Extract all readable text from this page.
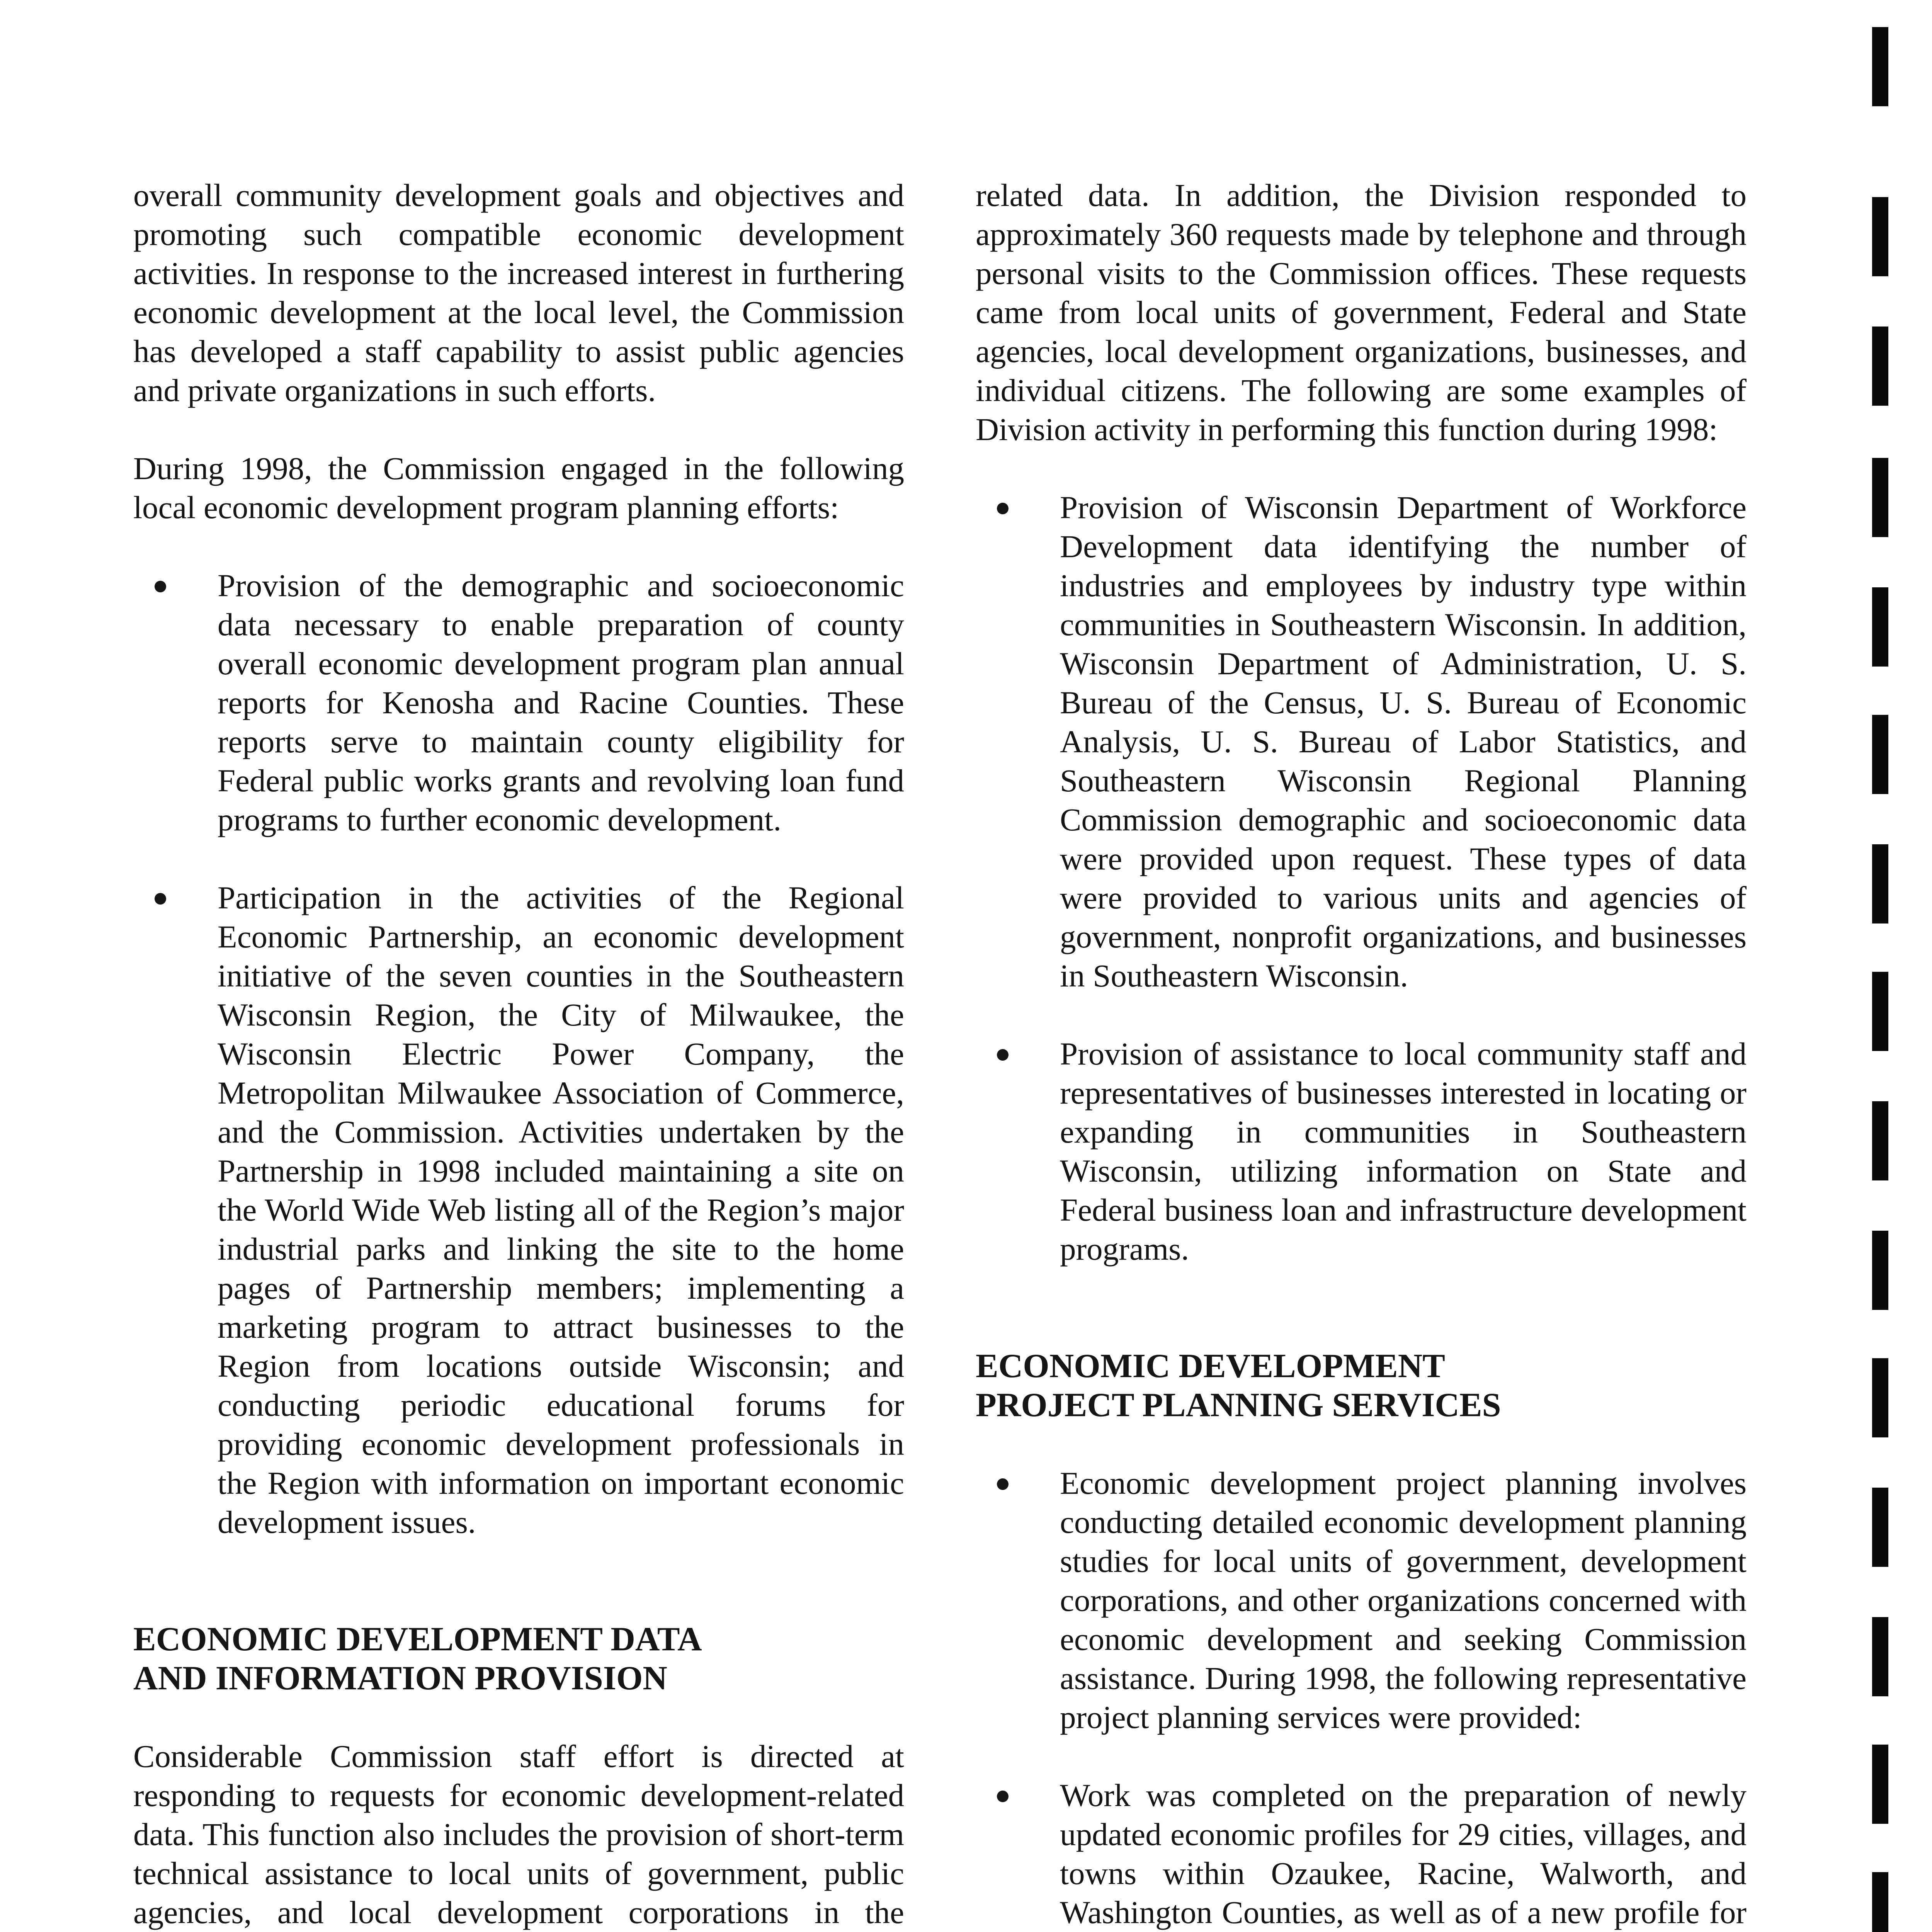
overall community development goals and objectives and promoting such compatible economic development activities. In response to the increased interest in furthering economic development at the local level, the Commission has developed a staff capability to assist public agencies and private organizations in such efforts.

During 1998, the Commission engaged in the following local economic development program planning efforts:

Provision of the demographic and socioeconomic data necessary to enable preparation of county overall economic development program plan annual reports for Kenosha and Racine Counties. These reports serve to maintain county eligibility for Federal public works grants and revolving loan fund programs to further economic development.
Participation in the activities of the Regional Economic Partnership, an economic development initiative of the seven counties in the Southeastern Wisconsin Region, the City of Milwaukee, the Wisconsin Electric Power Company, the Metropolitan Milwaukee Association of Commerce, and the Commission. Activities undertaken by the Partnership in 1998 included maintaining a site on the World Wide Web listing all of the Region’s major industrial parks and linking the site to the home pages of Partnership members; implementing a marketing program to attract businesses to the Region from locations outside Wisconsin; and conducting periodic educational forums for providing economic development professionals in the Region with information on important economic development issues.
ECONOMIC DEVELOPMENT DATA
AND INFORMATION PROVISION

Considerable Commission staff effort is directed at responding to requests for economic development-related data. This function also includes the provision of short-term technical assistance to local units of government, public agencies, and local development corporations in the

related data. In addition, the Division responded to approximately 360 requests made by telephone and through personal visits to the Commission offices. These requests came from local units of government, Federal and State agencies, local development organizations, businesses, and individual citizens. The following are some examples of Division activity in performing this function during 1998:

Provision of Wisconsin Department of Workforce Development data identifying the number of industries and employees by industry type within communities in Southeastern Wisconsin. In addition, Wisconsin Department of Administration, U. S. Bureau of the Census, U. S. Bureau of Economic Analysis, U. S. Bureau of Labor Statistics, and Southeastern Wisconsin Regional Planning Commission demographic and socioeconomic data were provided upon request. These types of data were provided to various units and agencies of government, nonprofit organizations, and businesses in Southeastern Wisconsin.
Provision of assistance to local community staff and representatives of businesses interested in locating or expanding in communities in Southeastern Wisconsin, utilizing information on State and Federal business loan and infrastructure development programs.
ECONOMIC DEVELOPMENT
PROJECT PLANNING SERVICES
Economic development project planning involves conducting detailed economic development planning studies for local units of government, development corporations, and other organizations concerned with economic development and seeking Commission assistance. During 1998, the following representative project planning services were provided:
Work was completed on the preparation of newly updated economic profiles for 29 cities, villages, and towns within Ozaukee, Racine, Walworth, and Washington Counties, as well as of a new profile for
